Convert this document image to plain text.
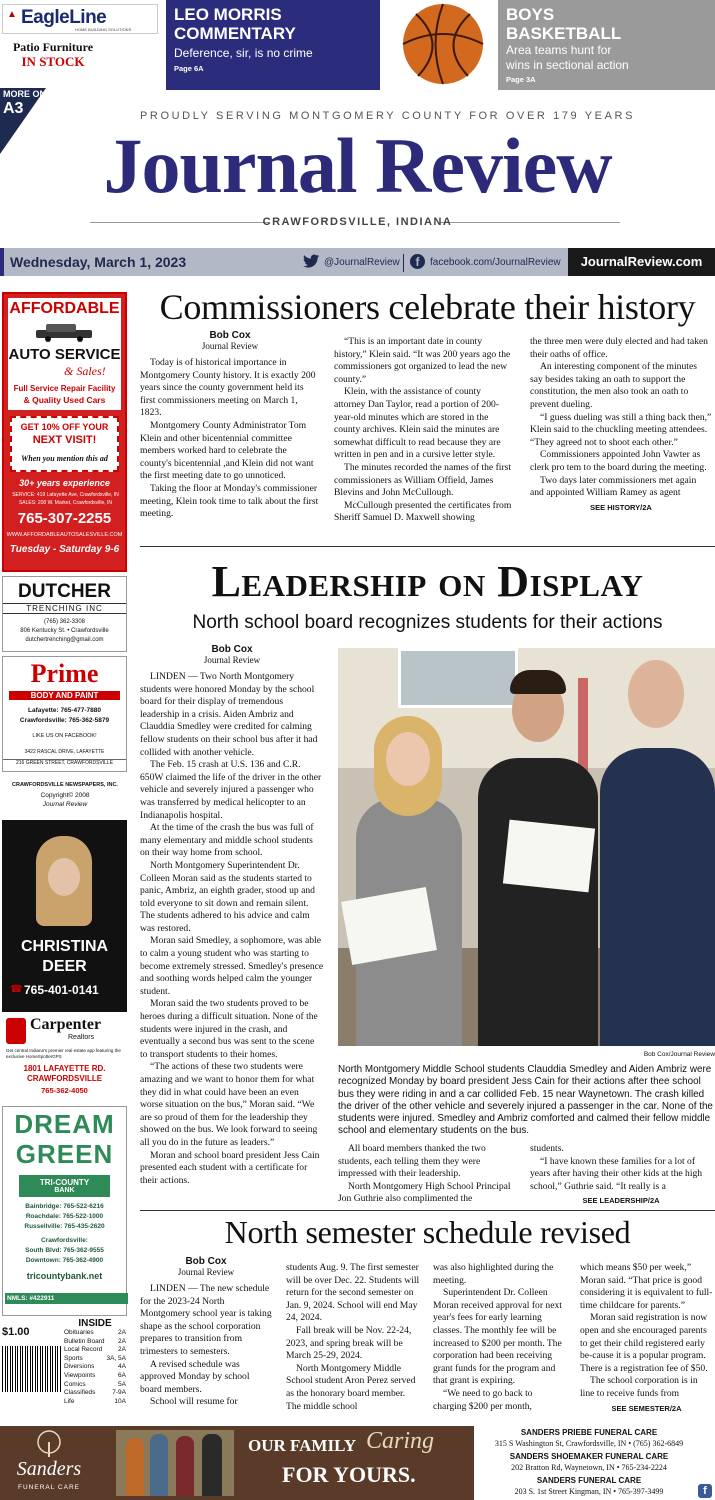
▲ EagleLine
HOME BUILDING SOLUTIONS
Patio Furniture
IN STOCK
MORE ON
A3
LEO MORRIS
COMMENTARY
Deference, sir, is no crime
Page 6A
BOYS
BASKETBALL
Area teams hunt for
wins in sectional action
Page 3A
PROUDLY SERVING MONTGOMERY COUNTY FOR OVER 179 YEARS
Journal Review
CRAWFORDSVILLE, INDIANA
Wednesday, March 1, 2023	@JournalReview	f	facebook.com/JournalReview	JournalReview.com
AFFORDABLE
AUTO SERVICE
& Sales!
Full Service Repair Facility
& Quality Used Cars
GET 10% OFF YOUR
NEXT VISIT!
When you mention this ad
30+ years experience
SERVICE: 419 Lafayette Ave, Crawfordsville, IN
SALES: 208 W. Market, Crawfordsville, IN
765-307-2255
WWW.AFFORDABLEAUTOSALESVILLE.COM
Tuesday - Saturday 9-6
DUTCHER
TRENCHING INC
(765) 362-3308
806 Kentucky St. • Crawfordsville
dutchertrenching@gmail.com
Prime
BODY AND PAINT
Lafayette: 765-477-7880
Crawfordsville: 765-362-5879
LIKE US ON FACEBOOK!
3422 RASCAL DRIVE, LAFAYETTE
216 GREEN STREET, CRAWFORDSVILLE
CRAWFORDSVILLE NEWSPAPERS, INC.
Copyright© 2008
Journal Review
CHRISTINA
DEER
☎ 765-401-0141
Carpenter
Realtors
Get central Indiana's premier real estate app featuring the exclusive HomeSpotterGPS
1801 LAFAYETTE RD.
CRAWFORDSVILLE
765-362-4050
DREAM
GREEN
TRI-COUNTY
BANK
Bainbridge: 765-522-6216
Roachdale: 765-522-1000
Russellville: 765-435-2620
Crawfordsville:
South Blvd: 765-362-9555
Downtown: 765-362-4900
tricountybank.net
NMLS: #422911
$1.00
INSIDE
Obituaries	2A
Bulletin Board 2A
Local Record 2A
Sports	3A, 5A
Diversions	4A
Viewpoints	6A
Comics	5A
Classifieds	7-9A
Life	10A
Commissioners celebrate their history
Bob Cox
Journal Review

Today is of historical importance in Montgomery County history. It is exactly 200 years since the county government held its first commissioners meeting on March 1, 1823.

Montgomery County Administrator Tom Klein and other bicentennial committee members worked hard to celebrate the county's bicentennial ,and Klein did not want the first meeting date to go unnoticed.

Taking the floor at Monday's commissioner meeting, Klein took time to talk about the first meeting.

“This is an important date in county history,” Klein said. “It was 200 years ago the commissioners got organized to lead the new county.”

Klein, with the assistance of county attorney Dan Taylor, read a portion of 200-year-old minutes which are stored in the county archives. Klein said the minutes are somewhat difficult to read because they are written in pen and in a cursive letter style.

The minutes recorded the names of the first commissioners as William Offield, James Blevins and John McCullough.

McCullough presented the certificates from Sheriff Samuel D. Maxwell showing

the three men were duly elected and had taken their oaths of office.

An interesting component of the minutes say besides taking an oath to support the constitution, the men also took an oath to prevent dueling.

“I guess dueling was still a thing back then,” Klein said to the chuckling meeting attendees. “They agreed not to shoot each other.”

Commissioners appointed John Vawter as clerk pro tem to the board during the meeting.

Two days later commissioners met again and appointed William Ramey as agent

SEE HISTORY/2A
Leadership on Display
North school board recognizes students for their actions
Bob Cox
Journal Review

LINDEN — Two North Montgomery students were honored Monday by the school board for their display of tremendous leadership in a crisis. Aiden Ambriz and Clauddia Smedley were credited for calming fellow students on their school bus after it had collided with another vehicle.

The Feb. 15 crash at U.S. 136 and C.R. 650W claimed the life of the driver in the other vehicle and severely injured a passenger who was transferred by medical helicopter to an Indianapolis hospital.

At the time of the crash the bus was full of many elementary and middle school students on their way home from school.

North Montgomery Superintendent Dr. Colleen Moran said as the students started to panic, Ambriz, an eighth grader, stood up and told everyone to sit down and remain silent. The students adhered to his advice and calm was restored.

Moran said Smedley, a sophomore, was able to calm a young student who was starting to become extremely stressed. Smedley's presence and soothing words helped calm the younger student.

Moran said the two students proved to be heroes during a difficult situation. None of the students were injured in the crash, and eventually a second bus was sent to the scene to transport students to their homes.

“The actions of these two students were amazing and we want to honor them for what they did in what could have been an even worse situation on the bus,” Moran said. “We are so proud of them for the leadership they showed on the bus. We look forward to seeing all you do in the future as leaders.”

Moran and school board president Jess Cain presented each student with a certificate for their actions.

Bob Cox/Journal Review
North Montgomery Middle School students Clauddia Smedley and Aiden Ambriz were recognized Monday by board president Jess Cain for their actions after thee school bus they were riding in and a car collided Feb. 15 near Waynetown. The crash killed the driver of the other vehicle and severely injured a passenger in the car. None of the students were injured. Smedley and Ambriz comforted and calmed their fellow middle school and elementary students on the bus.

All board members thanked the two students, each telling them they were impressed with their leadership.

North Montgomery High School Principal Jon Guthrie also complimented the

students.

“I have known these families for a lot of years after having their other kids at the high school,” Guthrie said. “It really is a

SEE LEADERSHIP/2A
North semester schedule revised
Bob Cox
Journal Review

LINDEN — The new schedule for the 2023-24 North Montgomery school year is taking shape as the school corporation prepares to transition from trimesters to semesters.

A revised schedule was approved Monday by school board members.

School will resume for

students Aug. 9. The first semester will be over Dec. 22. Students will return for the second semester on Jan. 9, 2024. School will end May 24, 2024.

Fall break will be Nov. 22-24, 2023, and spring break will be March 25-29, 2024.

North Montgomery Middle School student Aron Perez served as the honorary board member. The middle school

was also highlighted during the meeting.

Superintendent Dr. Colleen Moran received approval for next year's fees for early learning classes. The monthly fee will be increased to $200 per month. The corporation had been receiving grant funds for the program and that grant is expiring.

“We need to go back to charging $200 per month,

which means $50 per week,” Moran said. “That price is good considering it is equivalent to full-time childcare for parents.”

Moran said registration is now open and she encouraged parents to get their child registered early be-cause it is a popular program. There is a registration fee of $50.

The school corporation is in line to receive funds from

SEE SEMESTER/2A
Sanders
FUNERAL CARE
OUR FAMILY Caring
FOR YOURS.
SANDERS PRIEBE FUNERAL CARE
315 S Washington St, Crawfordsville, IN • (765) 362-6849
SANDERS SHOEMAKER FUNERAL CARE
202 Bratton Rd, Waynetown, IN • 765-234-2224
SANDERS FUNERAL CARE
203 S. 1st Street Kingman, IN • 765-397-3499	f
